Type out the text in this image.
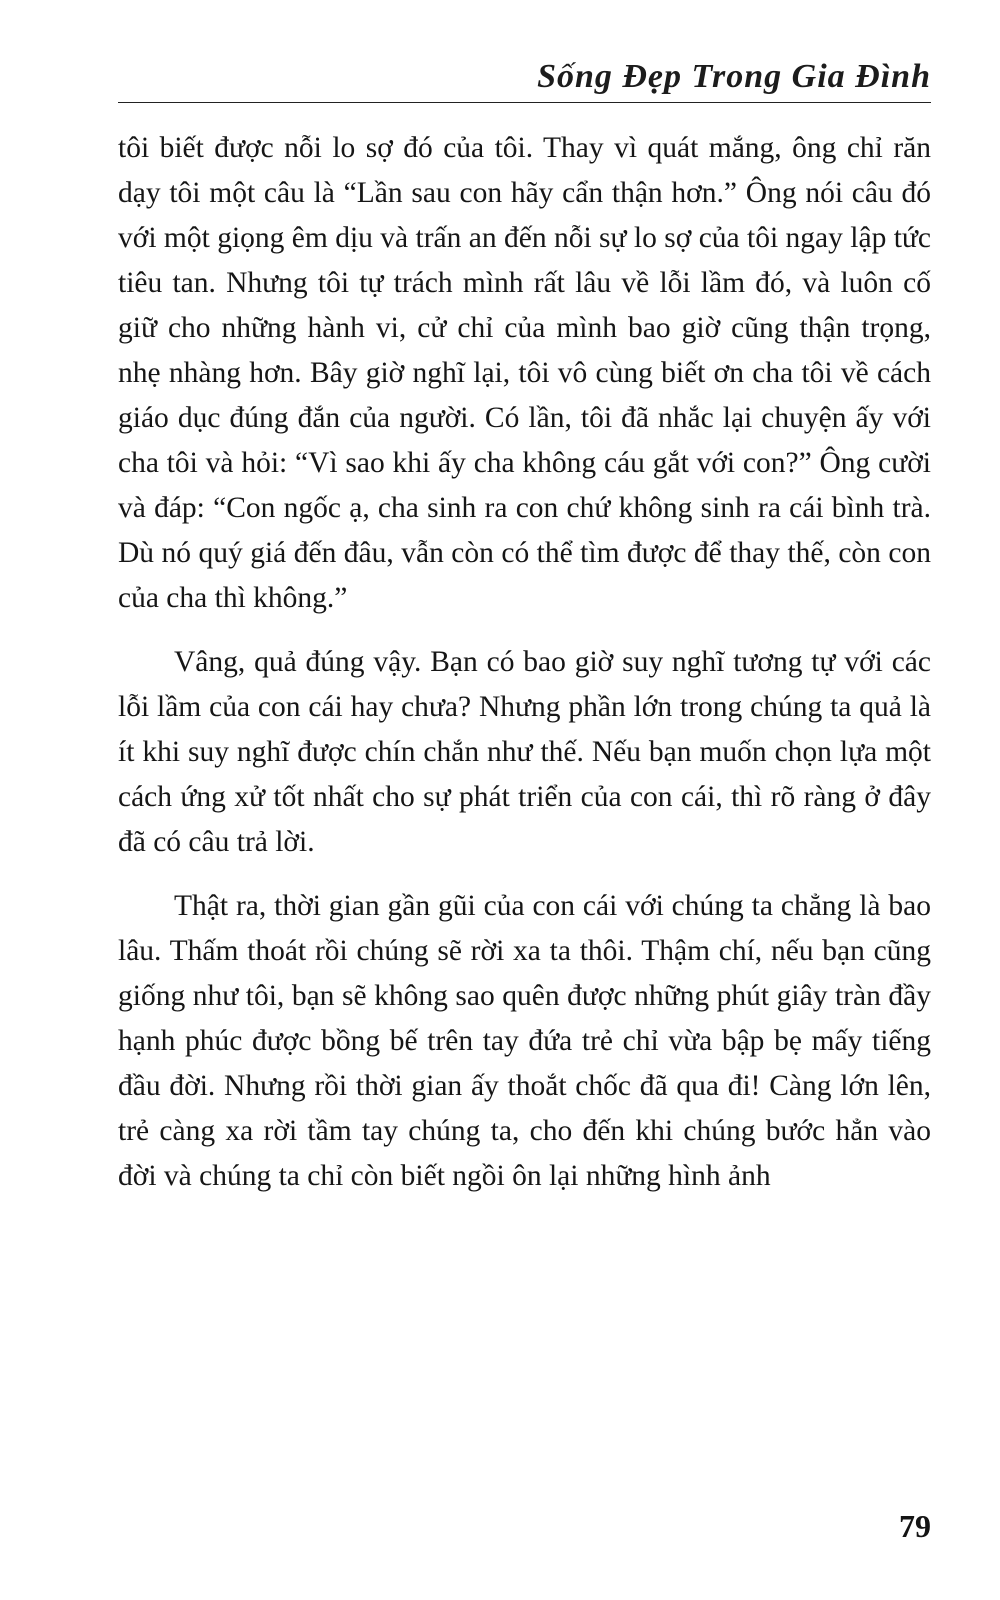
Sống Đẹp Trong Gia Đình

tôi biết được nỗi lo sợ đó của tôi. Thay vì quát mắng, ông chỉ răn dạy tôi một câu là “Lần sau con hãy cẩn thận hơn.” Ông nói câu đó với một giọng êm dịu và trấn an đến nỗi sự lo sợ của tôi ngay lập tức tiêu tan. Nhưng tôi tự trách mình rất lâu về lỗi lầm đó, và luôn cố giữ cho những hành vi, cử chỉ của mình bao giờ cũng thận trọng, nhẹ nhàng hơn. Bây giờ nghĩ lại, tôi vô cùng biết ơn cha tôi về cách giáo dục đúng đắn của người. Có lần, tôi đã nhắc lại chuyện ấy với cha tôi và hỏi: “Vì sao khi ấy cha không cáu gắt với con?” Ông cười và đáp: “Con ngốc ạ, cha sinh ra con chứ không sinh ra cái bình trà. Dù nó quý giá đến đâu, vẫn còn có thể tìm được để thay thế, còn con của cha thì không.”

Vâng, quả đúng vậy. Bạn có bao giờ suy nghĩ tương tự với các lỗi lầm của con cái hay chưa? Nhưng phần lớn trong chúng ta quả là ít khi suy nghĩ được chín chắn như thế. Nếu bạn muốn chọn lựa một cách ứng xử tốt nhất cho sự phát triển của con cái, thì rõ ràng ở đây đã có câu trả lời.

Thật ra, thời gian gần gũi của con cái với chúng ta chẳng là bao lâu. Thấm thoát rồi chúng sẽ rời xa ta thôi. Thậm chí, nếu bạn cũng giống như tôi, bạn sẽ không sao quên được những phút giây tràn đầy hạnh phúc được bồng bế trên tay đứa trẻ chỉ vừa bập bẹ mấy tiếng đầu đời. Nhưng rồi thời gian ấy thoắt chốc đã qua đi! Càng lớn lên, trẻ càng xa rời tầm tay chúng ta, cho đến khi chúng bước hẳn vào đời và chúng ta chỉ còn biết ngồi ôn lại những hình ảnh

79
